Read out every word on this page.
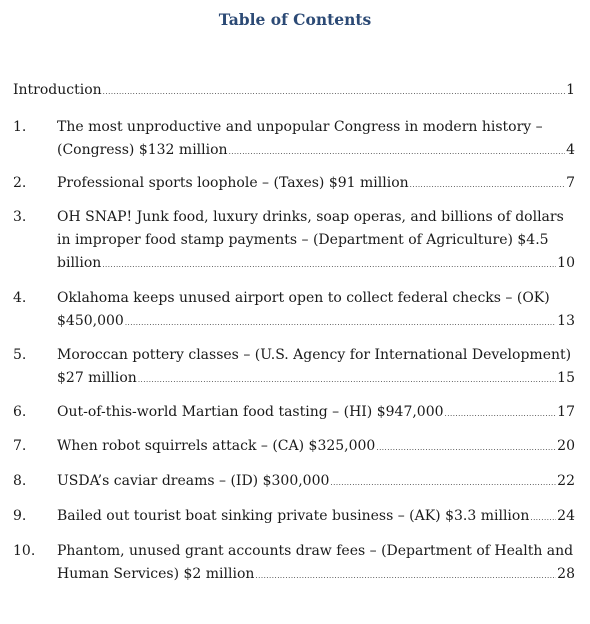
Table of Contents
Introduction .....	1
1. The most unproductive and unpopular Congress in modern history –
(Congress) $132 million .....	4
2. Professional sports loophole – (Taxes) $91 million .....	7
3. OH SNAP! Junk food, luxury drinks, soap operas, and billions of dollars
in improper food stamp payments – (Department of Agriculture) $4.5
billion .....	10
4. Oklahoma keeps unused airport open to collect federal checks – (OK)
$450,000 .....	13
5. Moroccan pottery classes – (U.S. Agency for International Development)
$27 million .....	15
6. Out-of-this-world Martian food tasting – (HI) $947,000 .....	17
7. When robot squirrels attack – (CA) $325,000 .....	20
8. USDA’s caviar dreams – (ID) $300,000 .....	22
9. Bailed out tourist boat sinking private business – (AK) $3.3 million ..... 24
10. Phantom, unused grant accounts draw fees – (Department of Health and
Human Services) $2 million .....	28
